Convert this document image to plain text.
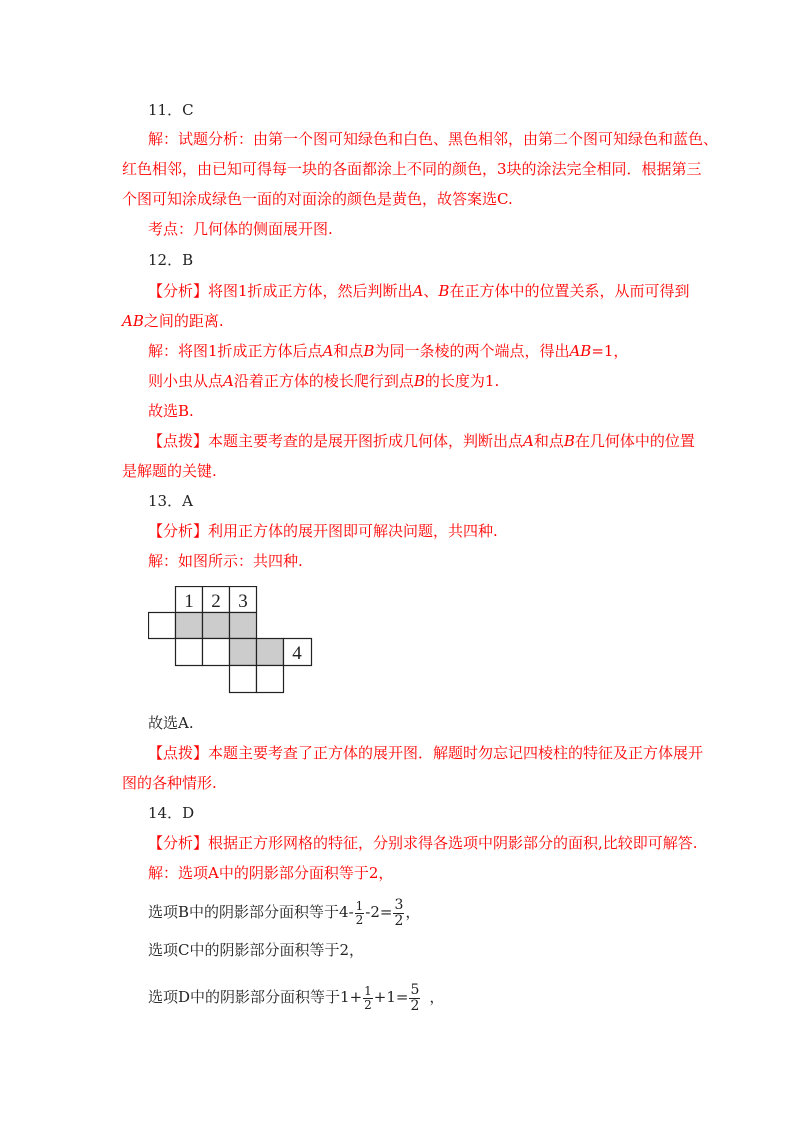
11．C
解：试题分析：由第一个图可知绿色和白色、黑色相邻，由第二个图可知绿色和蓝色、
红色相邻，由已知可得每一块的各面都涂上不同的颜色，3块的涂法完全相同．根据第三
个图可知涂成绿色一面的对面涂的颜色是黄色，故答案选C.
考点：几何体的侧面展开图.
12．B
【分析】将图1折成正方体，然后判断出A、B在正方体中的位置关系，从而可得到
AB之间的距离.
解：将图1折成正方体后点A和点B为同一条棱的两个端点，得出AB=1，
则小虫从点A沿着正方体的棱长爬行到点B的长度为1.
故选B.
【点拨】本题主要考查的是展开图折成几何体，判断出点A和点B在几何体中的位置
是解题的关键.
13．A
【分析】利用正方体的展开图即可解决问题，共四种.
解：如图所示：共四种.
1 2 3
4
故选A.
【点拨】本题主要考查了正方体的展开图．解题时勿忘记四棱柱的特征及正方体展开
图的各种情形.
14．D
【分析】根据正方形网格的特征，分别求得各选项中阴影部分的面积,比较即可解答.
解：选项A中的阴影部分面积等于2，
选项B中的阴影部分面积等于$4- \frac{1}{2} -2= \frac{3}{2}$ ，
选项C中的阴影部分面积等于2，
选项D中的阴影部分面积等于$1+ \frac{1}{2} +1= \frac{5}{2}$ ，
